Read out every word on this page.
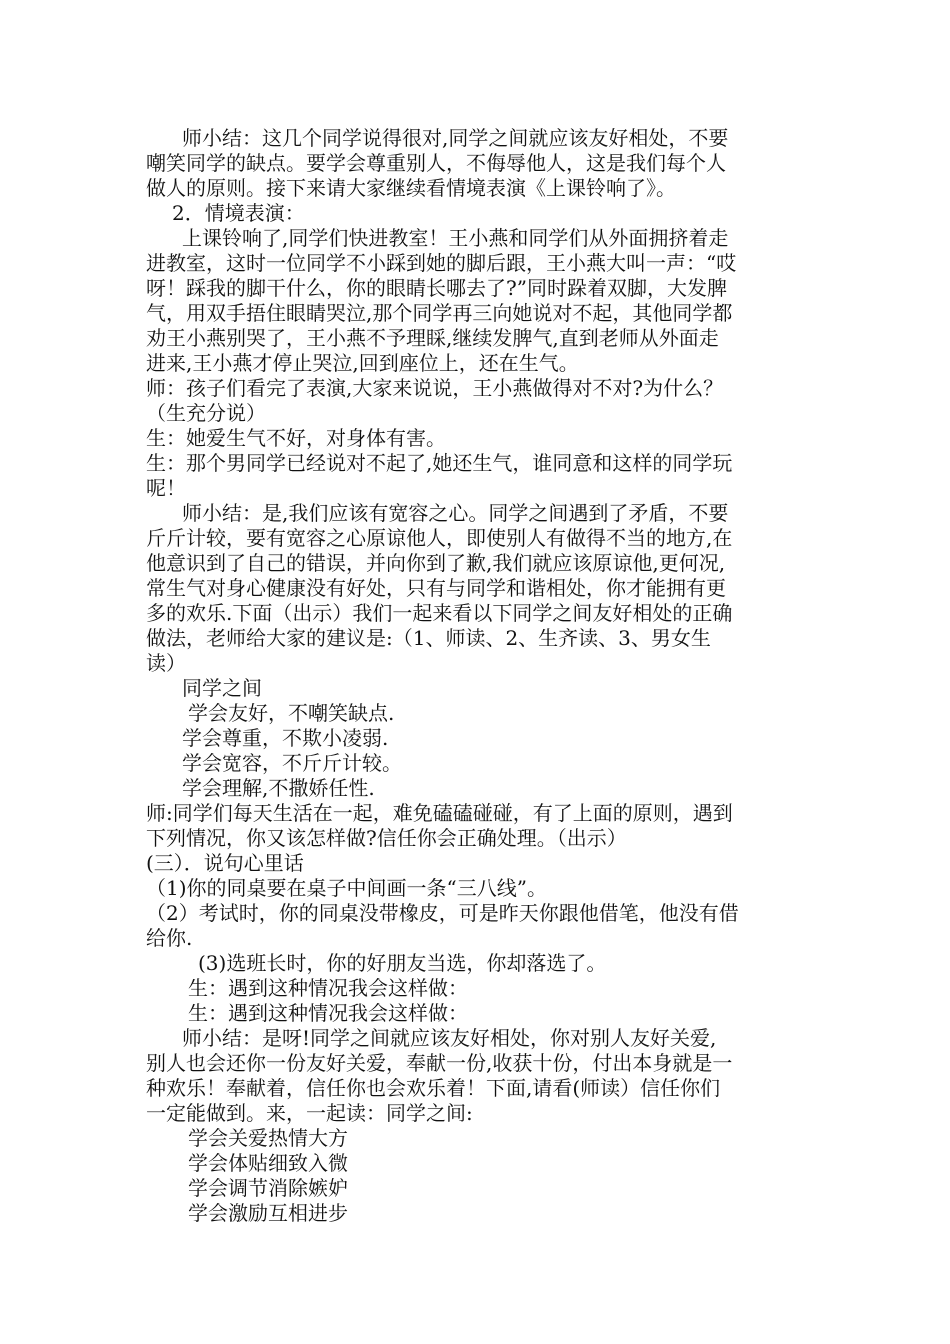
师小结：这几个同学说得很对,同学之间就应该友好相处，不要
嘲笑同学的缺点。要学会尊重别人，不侮辱他人，这是我们每个人
做人的原则。接下来请大家继续看情境表演《上课铃响了》。
2．情境表演：
上课铃响了,同学们快进教室！王小燕和同学们从外面拥挤着走
进教室，这时一位同学不小踩到她的脚后跟，王小燕大叫一声：“哎
呀！踩我的脚干什么，你的眼睛长哪去了?”同时跺着双脚，大发脾
气，用双手捂住眼睛哭泣,那个同学再三向她说对不起，其他同学都
劝王小燕别哭了，王小燕不予理睬,继续发脾气,直到老师从外面走
进来,王小燕才停止哭泣,回到座位上，还在生气。
师：孩子们看完了表演,大家来说说，王小燕做得对不对?为什么？
（生充分说）
生：她爱生气不好，对身体有害。
生：那个男同学已经说对不起了,她还生气，谁同意和这样的同学玩
呢！
师小结：是,我们应该有宽容之心。同学之间遇到了矛盾，不要
斤斤计较，要有宽容之心原谅他人，即使别人有做得不当的地方,在
他意识到了自己的错误，并向你到了歉,我们就应该原谅他,更何况,
常生气对身心健康没有好处，只有与同学和谐相处，你才能拥有更
多的欢乐.下面（出示）我们一起来看以下同学之间友好相处的正确
做法，老师给大家的建议是:（1、师读、2、生齐读、3、男女生
读）
同学之间
学会友好，不嘲笑缺点.
学会尊重，不欺小凌弱.
学会宽容，不斤斤计较。
学会理解,不撒娇任性.
师:同学们每天生活在一起，难免磕磕碰碰，有了上面的原则，遇到
下列情况，你又该怎样做?信任你会正确处理。（出示）
(三）．说句心里话
（1)你的同桌要在桌子中间画一条“三八线”。
（2）考试时，你的同桌没带橡皮，可是昨天你跟他借笔，他没有借
给你.
(3)选班长时，你的好朋友当选，你却落选了。
生：遇到这种情况我会这样做：
生：遇到这种情况我会这样做：
师小结：是呀!同学之间就应该友好相处，你对别人友好关爱,
别人也会还你一份友好关爱，奉献一份,收获十份，付出本身就是一
种欢乐！奉献着，信任你也会欢乐着！下面,请看(师读）信任你们
一定能做到。来，一起读：同学之间:
学会关爱热情大方
学会体贴细致入微
学会调节消除嫉妒
学会激励互相进步
